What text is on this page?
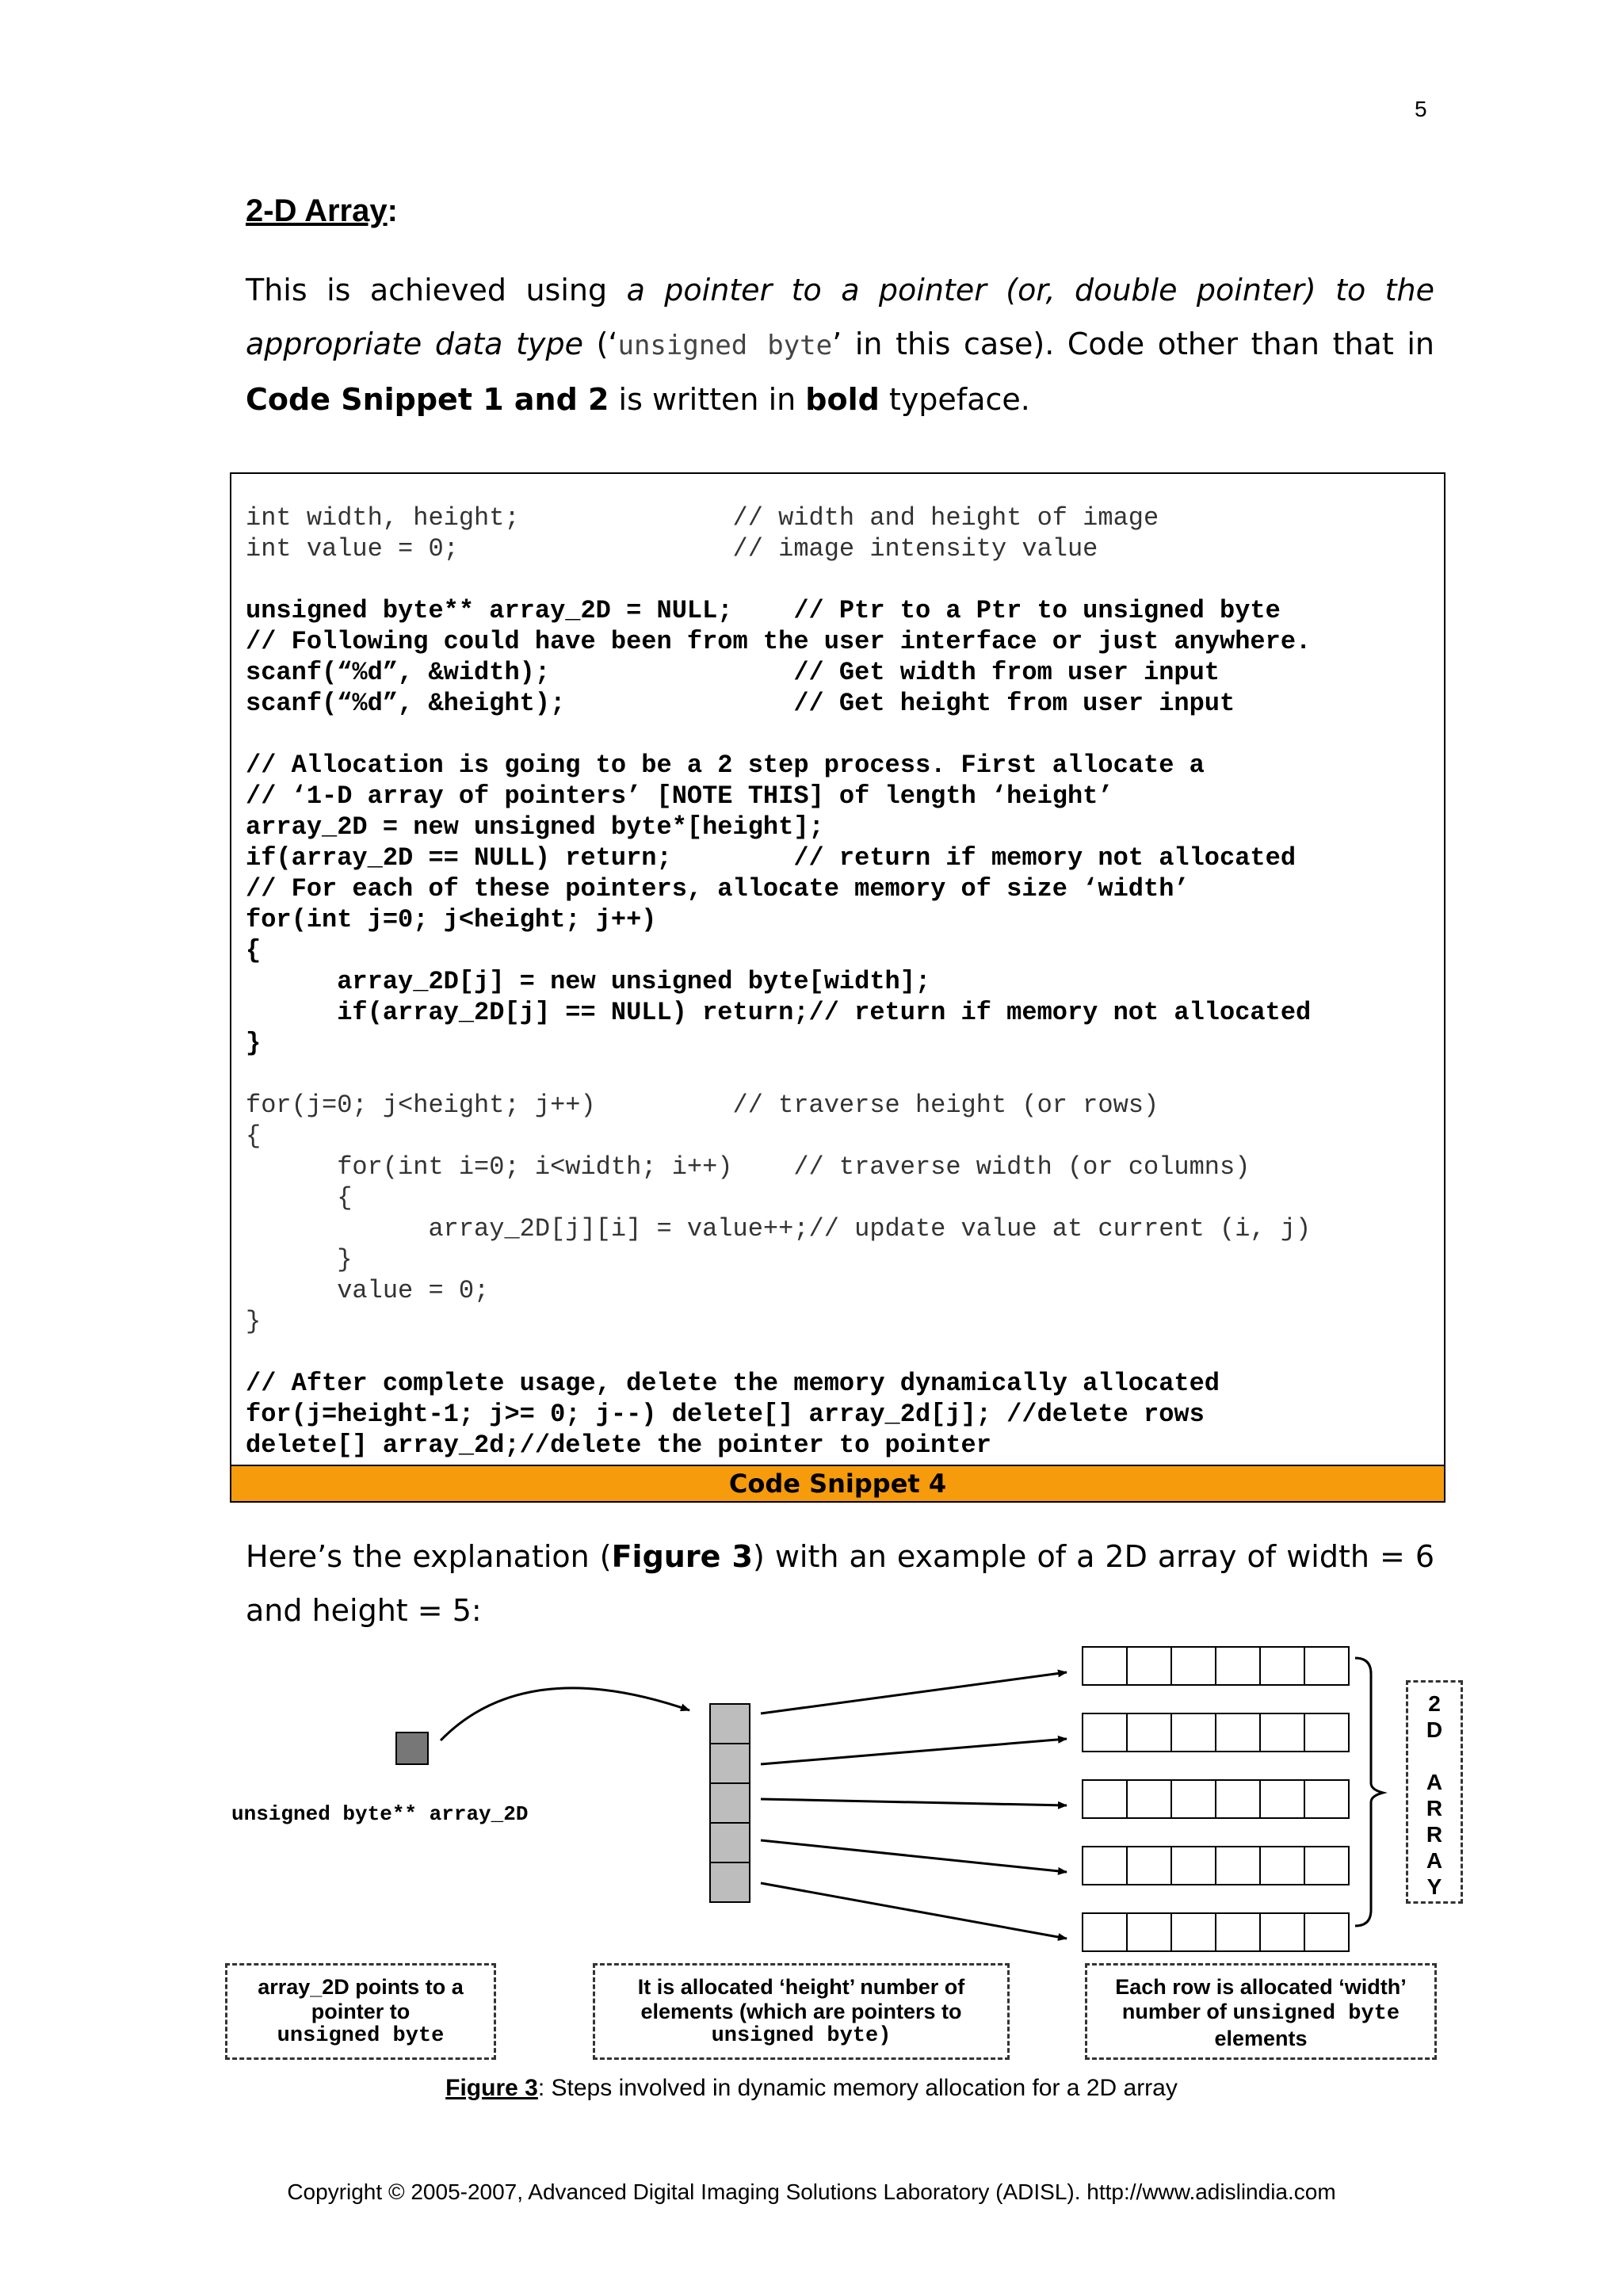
5
2-D Array:
This is achieved using a pointer to a pointer (or, double pointer) to the appropriate data type (‘unsigned byte’ in this case). Code other than that in Code Snippet 1 and 2 is written in bold typeface.
int width, height;              // width and height of image
int value = 0;                  // image intensity value

unsigned byte** array_2D = NULL;    // Ptr to a Ptr to unsigned byte
// Following could have been from the user interface or just anywhere.
scanf(“%d”, &width);                // Get width from user input
scanf(“%d”, &height);               // Get height from user input

// Allocation is going to be a 2 step process. First allocate a
// ‘1-D array of pointers’ [NOTE THIS] of length ‘height’
array_2D = new unsigned byte*[height];
if(array_2D == NULL) return;        // return if memory not allocated
// For each of these pointers, allocate memory of size ‘width’
for(int j=0; j<height; j++)
{
array_2D[j] = new unsigned byte[width];
if(array_2D[j] == NULL) return;// return if memory not allocated
}

for(j=0; j<height; j++)         // traverse height (or rows)
{
for(int i=0; i<width; i++)    // traverse width (or columns)
{
array_2D[j][i] = value++;// update value at current (i, j)
}
value = 0;
}

// After complete usage, delete the memory dynamically allocated
for(j=height-1; j>= 0; j--) delete[] array_2d[j]; //delete rows
delete[] array_2d;//delete the pointer to pointer

Code Snippet 4
Here’s the explanation (Figure 3) with an example of a 2D array of width = 6 and height = 5:
unsigned byte** array_2D
2
D

A
R
R
A
Y
array_2D points to a pointer to
unsigned byte
It is allocated ‘height’ number of elements (which are pointers to
unsigned byte)
Each row is allocated ‘width’ number of unsigned byte
elements
Figure 3: Steps involved in dynamic memory allocation for a 2D array
Copyright © 2005-2007, Advanced Digital Imaging Solutions Laboratory (ADISL). http://www.adislindia.com
